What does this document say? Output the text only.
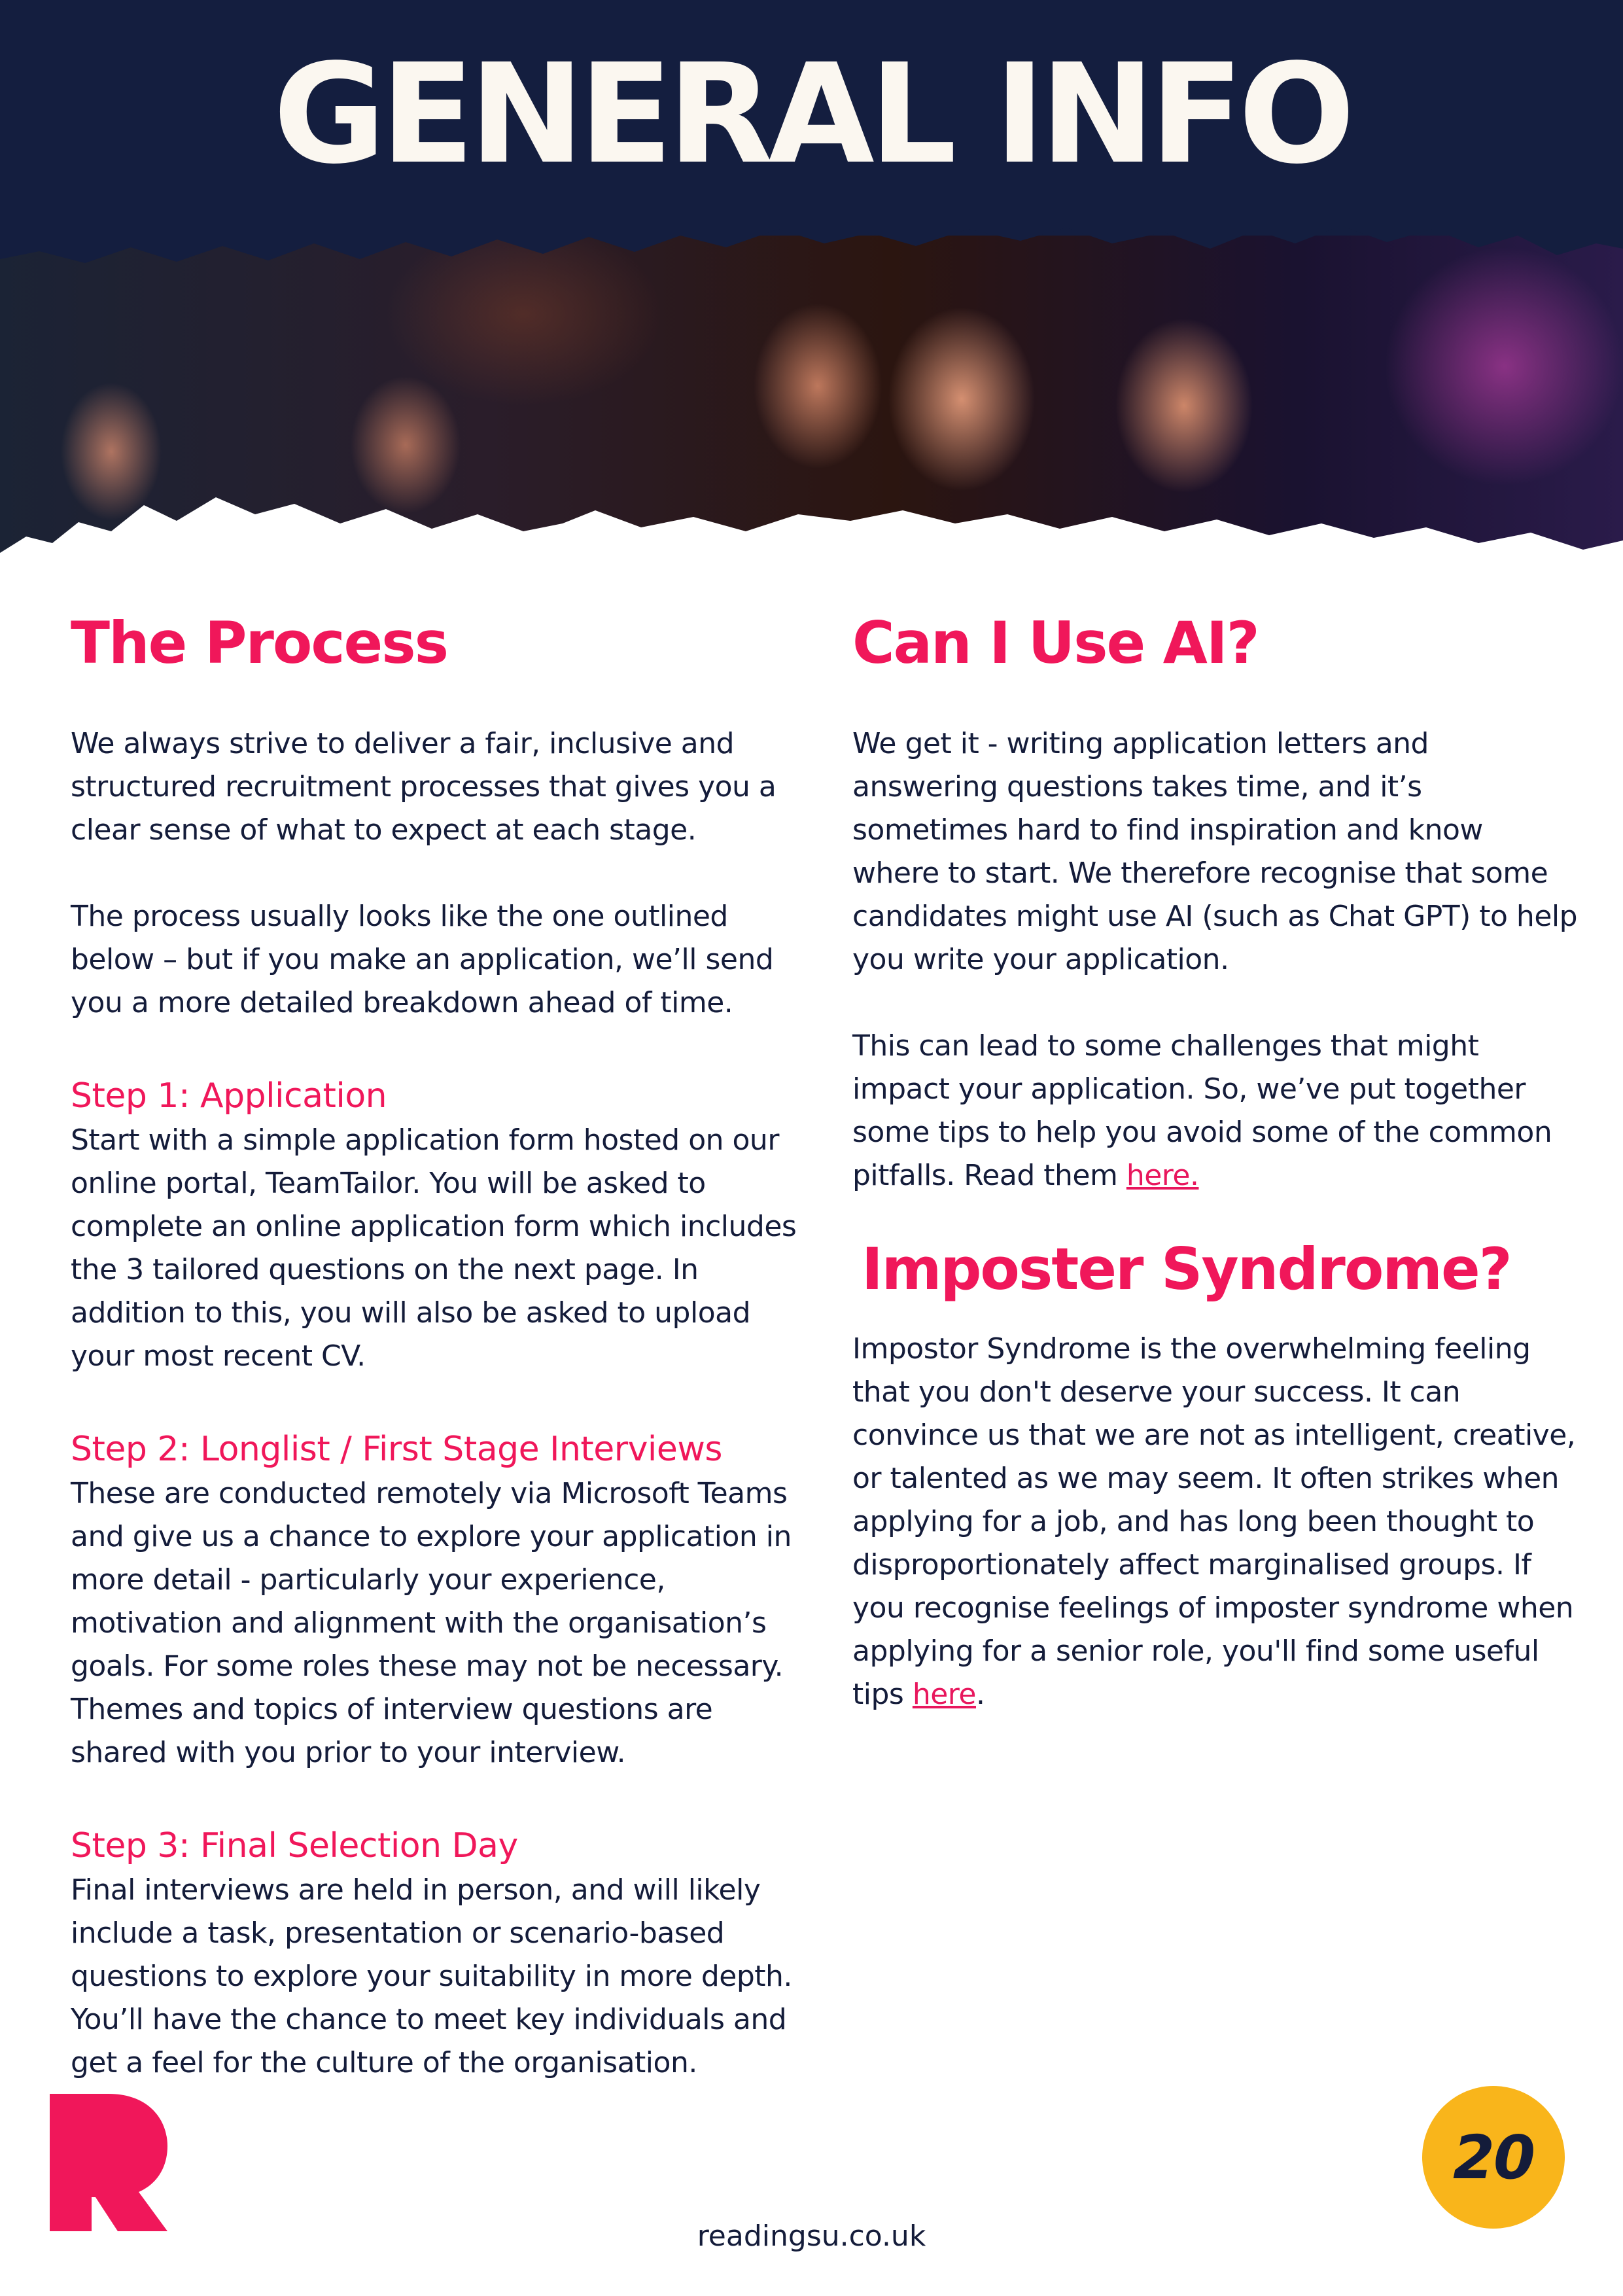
GENERAL INFO
The Process

We always strive to deliver a fair, inclusive and structured recruitment processes that gives you a clear sense of what to expect at each stage.

The process usually looks like the one outlined below – but if you make an application, we’ll send you a more detailed breakdown ahead of time.

Step 1: Application

Start with a simple application form hosted on our online portal, TeamTailor. You will be asked to complete an online application form which includes the 3 tailored questions on the next page. In addition to this, you will also be asked to upload your most recent CV.

Step 2: Longlist / First Stage Interviews

These are conducted remotely via Microsoft Teams and give us a chance to explore your application in more detail - particularly your experience, motivation and alignment with the organisation’s goals. For some roles these may not be necessary. Themes and topics of interview questions are shared with you prior to your interview.

Step 3: Final Selection Day

Final interviews are held in person, and will likely include a task, presentation or scenario-based questions to explore your suitability in more depth. You’ll have the chance to meet key individuals and get a feel for the culture of the organisation.

Can I Use AI?

We get it - writing application letters and answering questions takes time, and it’s sometimes hard to find inspiration and know where to start. We therefore recognise that some candidates might use AI (such as Chat GPT) to help you write your application.

This can lead to some challenges that might impact your application. So, we’ve put together some tips to help you avoid some of the common pitfalls. Read them here.

Imposter Syndrome?

Impostor Syndrome is the overwhelming feeling that you don't deserve your success. It can convince us that we are not as intelligent, creative, or talented as we may seem. It often strikes when applying for a job, and has long been thought to disproportionately affect marginalised groups. If you recognise feelings of imposter syndrome when applying for a senior role, you'll find some useful tips here.

readingsu.co.uk
20
